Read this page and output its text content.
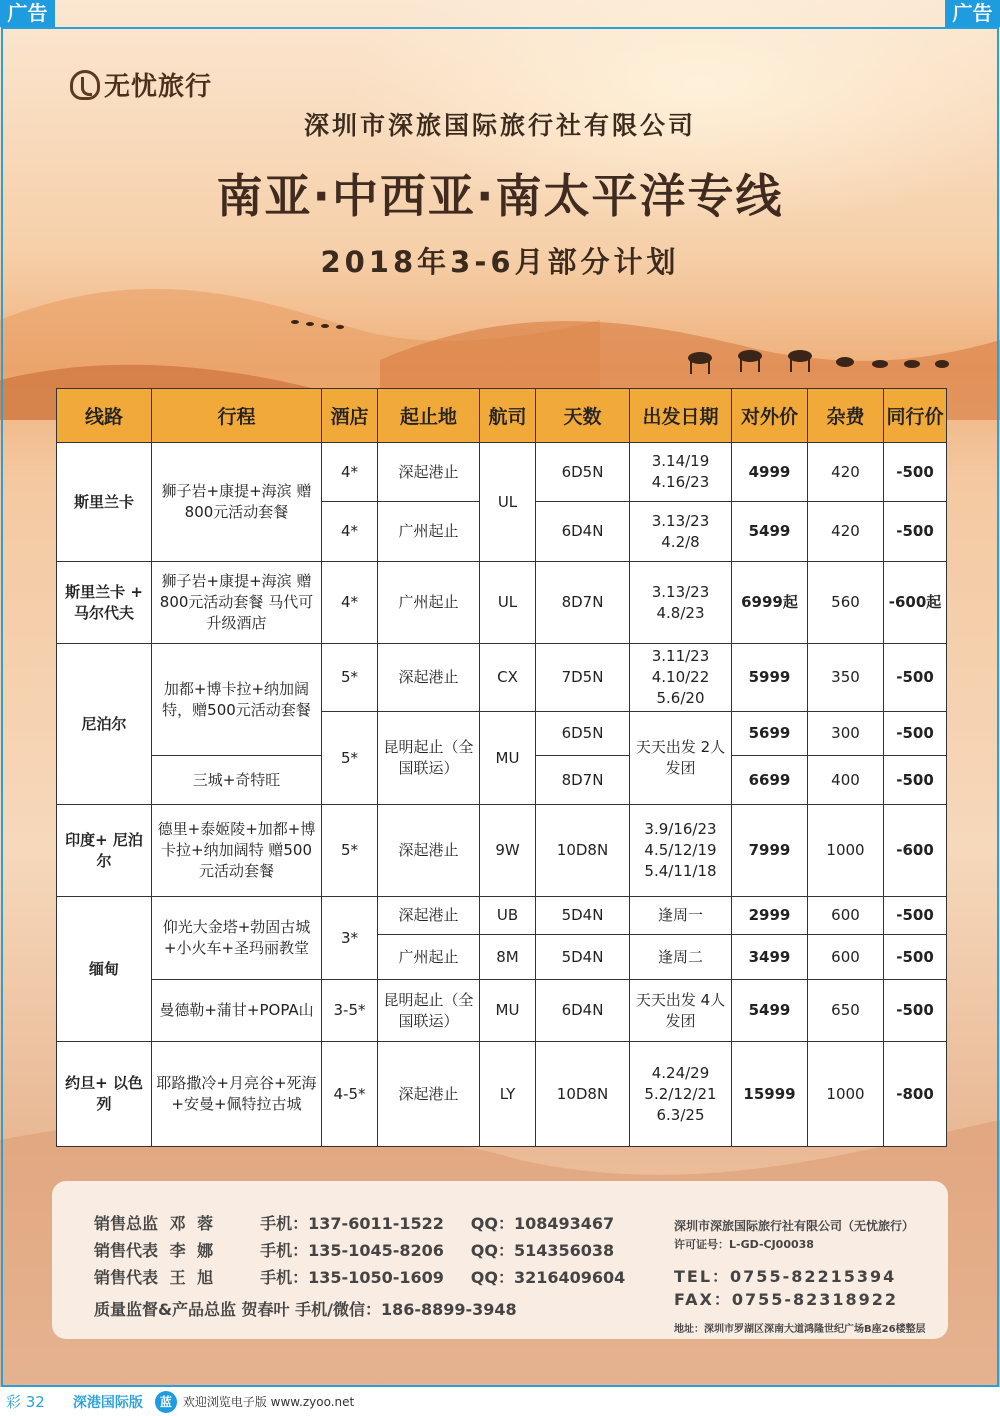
广告	广告
无忧旅行
深圳市深旅国际旅行社有限公司
南亚·中西亚·南太平洋专线
2018年3-6月部分计划
线路	行程	酒店	起止地	航司	天数	出发日期	对外价	杂费	同行价
斯里兰卡	狮子岩+康提+海滨 赠800元活动套餐	4*	深起港止	UL	6D5N	3.14/19 4.16/23	4999	420	-500
		4*	广州起止		6D4N	3.13/23 4.2/8	5499	420	-500
斯里兰卡 + 马尔代夫	狮子岩+康提+海滨 赠800元活动套餐 马代可升级酒店	4*	广州起止	UL	8D7N	3.13/23 4.8/23	6999起	560	-600起
尼泊尔	加都+博卡拉+纳加阔特，赠500元活动套餐	5*	深起港止	CX	7D5N	3.11/23 4.10/22 5.6/20	5999	350	-500
		5*	昆明起止（全国联运）	MU	6D5N	天天出发 2人发团	5699	300	-500
	三城+奇特旺				8D7N		6699	400	-500
印度+ 尼泊尔	德里+泰姬陵+加都+博卡拉+纳加阔特 赠500元活动套餐	5*	深起港止	9W	10D8N	3.9/16/23 4.5/12/19 5.4/11/18	7999	1000	-600
缅甸	仰光大金塔+勃固古城+小火车+圣玛丽教堂	3*	深起港止	UB	5D4N	逢周一	2999	600	-500
			广州起止	8M	5D4N	逢周二	3499	600	-500
	曼德勒+蒲甘+POPA山	3-5*	昆明起止（全国联运）	MU	6D4N	天天出发 4人发团	5499	650	-500
约旦+ 以色列	耶路撒冷+月亮谷+死海+安曼+佩特拉古城	4-5*	深起港止	LY	10D8N	4.24/29 5.2/12/21 6.3/25	15999	1000	-800
销售总监 邓 蓉	手机：137-6011-1522 QQ：108493467
销售代表 李 娜	手机：135-1045-8206 QQ：514356038
销售代表 王 旭	手机：135-1050-1609 QQ：3216409604
质量监督&产品总监 贺春叶 手机/微信：186-8899-3948
深圳市深旅国际旅行社有限公司（无忧旅行）
许可证号：L-GD-CJ00038
TEL：0755-82215394
FAX：0755-82318922
地址：深圳市罗湖区深南大道鸿隆世纪广场B座26楼整层
彩 32 深港国际版	蓝 欢迎浏览电子版 www.zyoo.net
